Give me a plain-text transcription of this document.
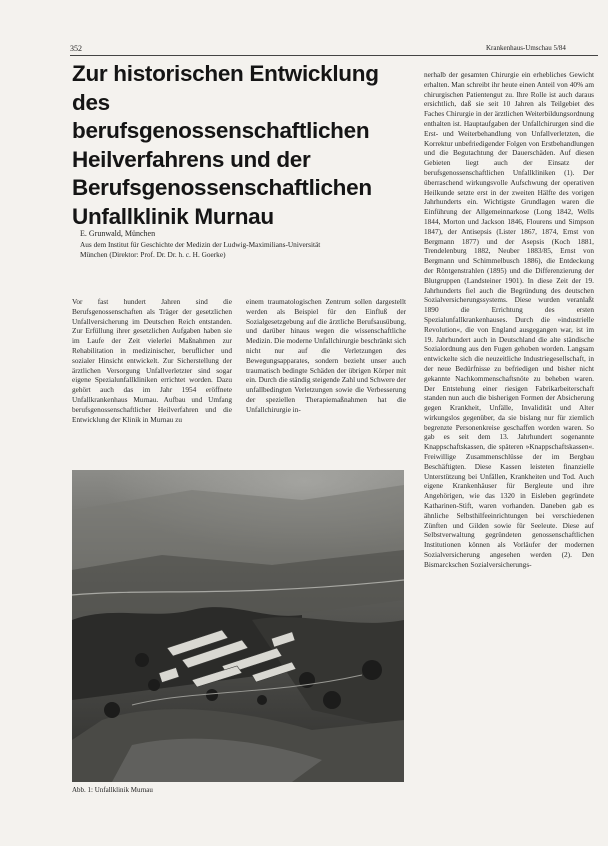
352	Krankenhaus-Umschau 5/84
Zur historischen Entwicklung
des berufsgenossenschaftlichen
Heilverfahrens und der
Berufsgenossenschaftlichen
Unfallklinik Murnau
E. Grunwald, München
Aus dem Institut für Geschichte der Medizin der Ludwig-Maximilians-Universität
München (Direktor: Prof. Dr. Dr. h. c. H. Goerke)
Vor fast hundert Jahren sind die Berufsgenossenschaften als Träger der gesetzlichen Unfallversicherung im Deutschen Reich entstanden. Zur Erfüllung ihrer gesetzlichen Aufgaben haben sie im Laufe der Zeit vielerlei Maßnahmen zur Rehabilitation in medizinischer, beruflicher und sozialer Hinsicht entwickelt. Zur Sicherstellung der ärztlichen Versorgung Unfallverletzter sind sogar eigene Spezialunfallkliniken errichtet worden. Dazu gehört auch das im Jahr 1954 eröffnete Unfallkrankenhaus Murnau. Aufbau und Umfang berufsgenossenschaftlicher Heilverfahren und die Entwicklung der Klinik in Murnau zu
einem traumatologischen Zentrum sollen dargestellt werden als Beispiel für den Einfluß der Sozialgesetzgebung auf die ärztliche Berufsausübung, und darüber hinaus wegen die wissenschaftliche Medizin. Die moderne Unfallchirurgie beschränkt sich nicht nur auf die Verletzungen des Bewegungsapparates, sondern bezieht unser auch traumatisch bedingte Schäden der übrigen Körper mit ein. Durch die ständig steigende Zahl und Schwere der unfallbedingten Verletzungen sowie die Verbesserung der speziellen Therapiemaßnahmen hat die Unfallchirurgie in-
nerhalb der gesamten Chirurgie ein erhebliches Gewicht erhalten. Man schreibt ihr heute einen Anteil von 40% am chirurgischen Patientengut zu. Ihre Rolle ist auch daraus ersichtlich, daß sie seit 10 Jahren als Teilgebiet des Faches Chirurgie in der ärztlichen Weiterbildungsordnung enthalten ist. Hauptaufgaben der Unfallchirurgen sind die Erst- und Weiterbehandlung von Unfallverletzten, die Korrektur unbefriedigender Folgen von Erstbehandlungen und die Begutachtung der Dauerschäden. Auf diesen Gebieten liegt auch der Einsatz der berufsgenossenschaftlichen Unfallkliniken (1). Der überraschend wirkungsvolle Aufschwung der operativen Heilkunde setzte erst in der zweiten Hälfte des vorigen Jahrhunderts ein. Wichtigste Grundlagen waren die Einführung der Allgemeinnarkose (Long 1842, Wells 1844, Morton und Jackson 1846, Flourens und Simpson 1847), der Antisepsis (Lister 1867, 1874, Ernst von Bergmann 1877) und der Asepsis (Koch 1881, Trendelenburg 1882, Neuber 1883/85, Ernst von Bergmann und Schimmelbusch 1886), die Entdeckung der Röntgenstrahlen (1895) und die Differenzierung der Blutgruppen (Landsteiner 1901). In diese Zeit der 19. Jahrhunderts fiel auch die Begründung des deutschen Sozialversicherungssystems. Diese wurden veranlaßt 1890 die Errichtung des ersten Spezialunfallkrankenhauses. Durch die »industrielle Revolution«, die von England ausgegangen war, ist im 19. Jahrhundert auch in Deutschland die alte ständische Sozialordnung aus den Fugen gehoben worden. Langsam entwickelte sich die neuzeitliche Industriegesellschaft, in der neue Bedürfnisse zu befriedigen und bisher nicht gekannte Nachkommenschaftsnöte zu beheben waren. Der Entstehung einer riesigen Fabrikarbeiterschaft standen nun auch die bisherigen Formen der Absicherung gegen Krankheit, Unfälle, Invalidität und Alter wirkungslos gegenüber, da sie bislang nur für ziemlich begrenzte Personenkreise geschaffen worden waren. So gab es seit dem 13. Jahrhundert sogenannte Knappschaftskassen, die späteren »Knappschaftskassen«. Freiwillige Zusammenschlüsse der im Bergbau Beschäftigten. Diese Kassen leisteten finanzielle Unterstützung bei Unfällen, Krankheiten und Tod. Auch eigene Krankenhäuser für Bergleute und ihre Angehörigen, wie das 1320 in Eisleben gegründete Katharinen-Stift, waren vorhanden. Daneben gab es ähnliche Selbsthilfeeinrichtungen bei verschiedenen Zünften und Gilden sowie für Seeleute. Diese auf Selbstverwaltung gegründeten genossenschaftlichen Institutionen können als Vorläufer der modernen Sozialversicherung angesehen werden (2). Den Bismarckschen Sozialversicherungs-
Abb. 1: Unfallklinik Murnau
